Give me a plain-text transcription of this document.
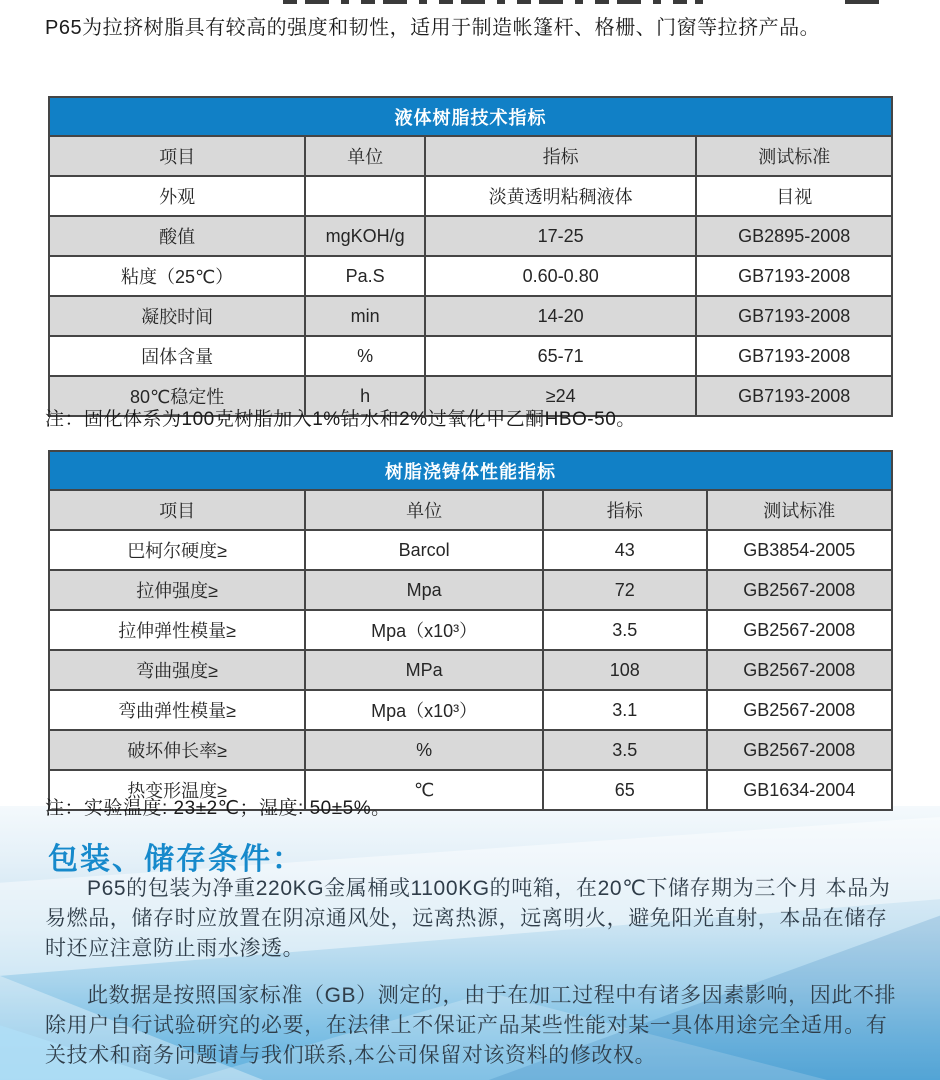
P65为拉挤树脂具有较高的强度和韧性，适用于制造帐篷杆、格栅、门窗等拉挤产品。
液体树脂技术指标			
项目	单位	指标	测试标准
外观		淡黄透明粘稠液体	目视
酸值	mgKOH/g	17-25	GB2895-2008
粘度（25℃）	Pa.S	0.60-0.80	GB7193-2008
凝胶时间	min	14-20	GB7193-2008
固体含量	%	65-71	GB7193-2008
80℃稳定性	h	≥24	GB7193-2008
注：固化体系为100克树脂加入1%钴水和2%过氧化甲乙酮HBO-50。
树脂浇铸体性能指标			
项目	单位	指标	测试标准
巴柯尔硬度≥	Barcol	43	GB3854-2005
拉伸强度≥	Mpa	72	GB2567-2008
拉伸弹性模量≥	Mpa（x10³）	3.5	GB2567-2008
弯曲强度≥	MPa	108	GB2567-2008
弯曲弹性模量≥	Mpa（x10³）	3.1	GB2567-2008
破坏伸长率≥	%	3.5	GB2567-2008
热变形温度≥	℃	65	GB1634-2004
注：实验温度: 23±2℃；湿度: 50±5%。
包装、储存条件：

P65的包装为净重220KG金属桶或1100KG的吨箱，在20℃下储存期为三个月 本品为易燃品，储存时应放置在阴凉通风处，远离热源，远离明火，避免阳光直射，本品在储存时还应注意防止雨水渗透。

此数据是按照国家标准（GB）测定的，由于在加工过程中有诸多因素影响，因此不排除用户自行试验研究的必要，在法律上不保证产品某些性能对某一具体用途完全适用。有关技术和商务问题请与我们联系,本公司保留对该资料的修改权。
